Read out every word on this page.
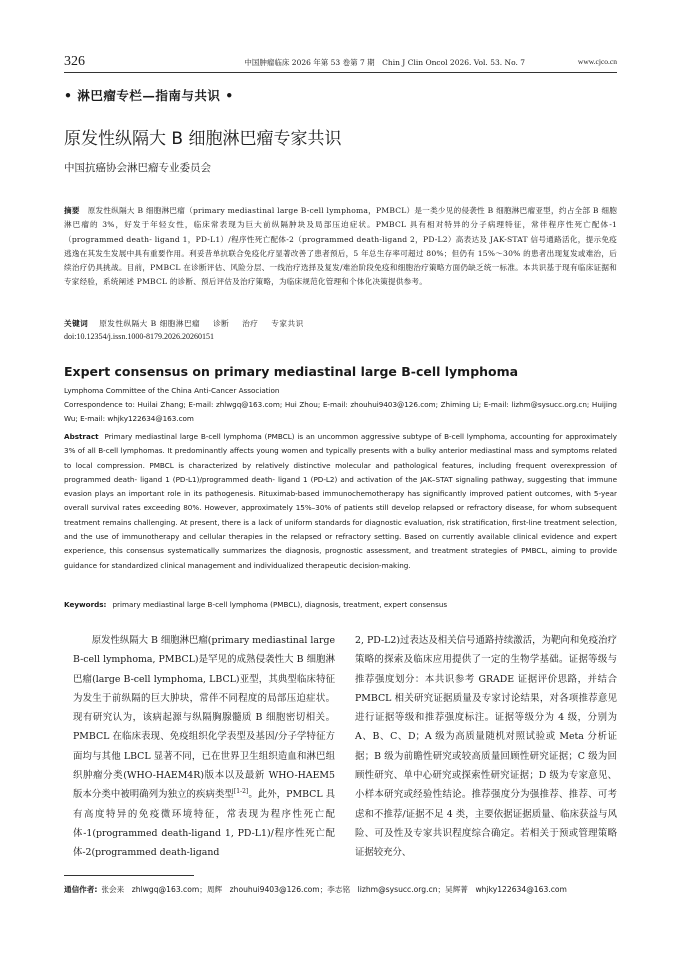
326	中国肿瘤临床 2026 年第 53 卷第 7 期　Chin J Clin Oncol 2026. Vol. 53. No. 7	www.cjco.cn
• 淋巴瘤专栏—指南与共识 •
原发性纵隔大 B 细胞淋巴瘤专家共识
中国抗癌协会淋巴瘤专业委员会
摘要 原发性纵隔大 B 细胞淋巴瘤（primary mediastinal large B-cell lymphoma，PMBCL）是一类少见的侵袭性 B 细胞淋巴瘤亚型，约占全部 B 细胞淋巴瘤的 3%，好发于年轻女性，临床常表现为巨大前纵隔肿块及局部压迫症状。PMBCL 具有相对特异的分子病理特征，常伴程序性死亡配体-1（programmed death- ligand 1，PD-L1）/程序性死亡配体-2（programmed death-ligand 2，PD-L2）高表达及 JAK-STAT 信号通路活化，提示免疫逃逸在其发生发展中具有重要作用。利妥昔单抗联合免疫化疗显著改善了患者预后，5 年总生存率可超过 80%；但仍有 15%～30% 的患者出现复发或难治，后续治疗仍具挑战。目前，PMBCL 在诊断评估、风险分层、一线治疗选择及复发/难治阶段免疫和细胞治疗策略方面仍缺乏统一标准。本共识基于现有临床证据和专家经验，系统阐述 PMBCL 的诊断、预后评估及治疗策略，为临床规范化管理和个体化决策提供参考。
关键词 原发性纵隔大 B 细胞淋巴瘤 诊断 治疗 专家共识
doi:10.12354/j.issn.1000-8179.2026.20260151
Expert consensus on primary mediastinal large B-cell lymphoma
Lymphoma Committee of the China Anti-Cancer Association
Correspondence to: Huilai Zhang; E-mail: zhlwgq@163.com; Hui Zhou; E-mail: zhouhui9403@126.com; Zhiming Li; E-mail: lizhm@sysucc.org.cn; Huijing Wu; E-mail: whjky122634@163.com
Abstract Primary mediastinal large B-cell lymphoma (PMBCL) is an uncommon aggressive subtype of B-cell lymphoma, accounting for approximately 3% of all B-cell lymphomas. It predominantly affects young women and typically presents with a bulky anterior mediastinal mass and symptoms related to local compression. PMBCL is characterized by relatively distinctive molecular and pathological features, including frequent overexpression of programmed death- ligand 1 (PD-L1)/programmed death- ligand 1 (PD-L2) and activation of the JAK–STAT signaling pathway, suggesting that immune evasion plays an important role in its pathogenesis. Rituximab-based immunochemotherapy has significantly improved patient outcomes, with 5-year overall survival rates exceeding 80%. However, approximately 15%–30% of patients still develop relapsed or refractory disease, for whom subsequent treatment remains challenging. At present, there is a lack of uniform standards for diagnostic evaluation, risk stratification, first-line treatment selection, and the use of immunotherapy and cellular therapies in the relapsed or refractory setting. Based on currently available clinical evidence and expert experience, this consensus systematically summarizes the diagnosis, prognostic assessment, and treatment strategies of PMBCL, aiming to provide guidance for standardized clinical management and individualized therapeutic decision-making.
Keywords: primary mediastinal large B-cell lymphoma (PMBCL), diagnosis, treatment, expert consensus
原发性纵隔大 B 细胞淋巴瘤(primary mediastinal large B-cell lymphoma, PMBCL)是罕见的成熟侵袭性大 B 细胞淋巴瘤(large B-cell lymphoma, LBCL)亚型，其典型临床特征为发生于前纵隔的巨大肿块，常伴不同程度的局部压迫症状。现有研究认为，该病起源与纵隔胸腺髓质 B 细胞密切相关。PMBCL 在临床表现、免疫组织化学表型及基因/分子学特征方面均与其他 LBCL 显著不同，已在世界卫生组织造血和淋巴组织肿瘤分类(WHO-HAEM4R)版本以及最新 WHO-HAEM5 版本分类中被明确列为独立的疾病类型[1-2]。此外，PMBCL 具有高度特异的免疫微环境特征，常表现为程序性死亡配体-1(programmed death-ligand 1, PD-L1)/程序性死亡配体-2(programmed death-ligand
2, PD-L2)过表达及相关信号通路持续激活，为靶向和免疫治疗策略的探索及临床应用提供了一定的生物学基础。证据等级与推荐强度划分：本共识参考 GRADE 证据评价思路，并结合 PMBCL 相关研究证据质量及专家讨论结果，对各项推荐意见进行证据等级和推荐强度标注。证据等级分为 4 级，分别为 A、B、C、D；A 级为高质量随机对照试验或 Meta 分析证据；B 级为前瞻性研究或较高质量回顾性研究证据；C 级为回顾性研究、单中心研究或探索性研究证据；D 级为专家意见、小样本研究或经验性结论。推荐强度分为强推荐、推荐、可考虑和不推荐/证据不足 4 类，主要依据证据质量、临床获益与风险、可及性及专家共识程度综合确定。若相关于预或管理策略证据较充分、
通信作者: 张会来　zhlwgq@163.com；周辉　zhouhui9403@126.com；李志铭　lizhm@sysucc.org.cn；吴辉菁　whjky122634@163.com
